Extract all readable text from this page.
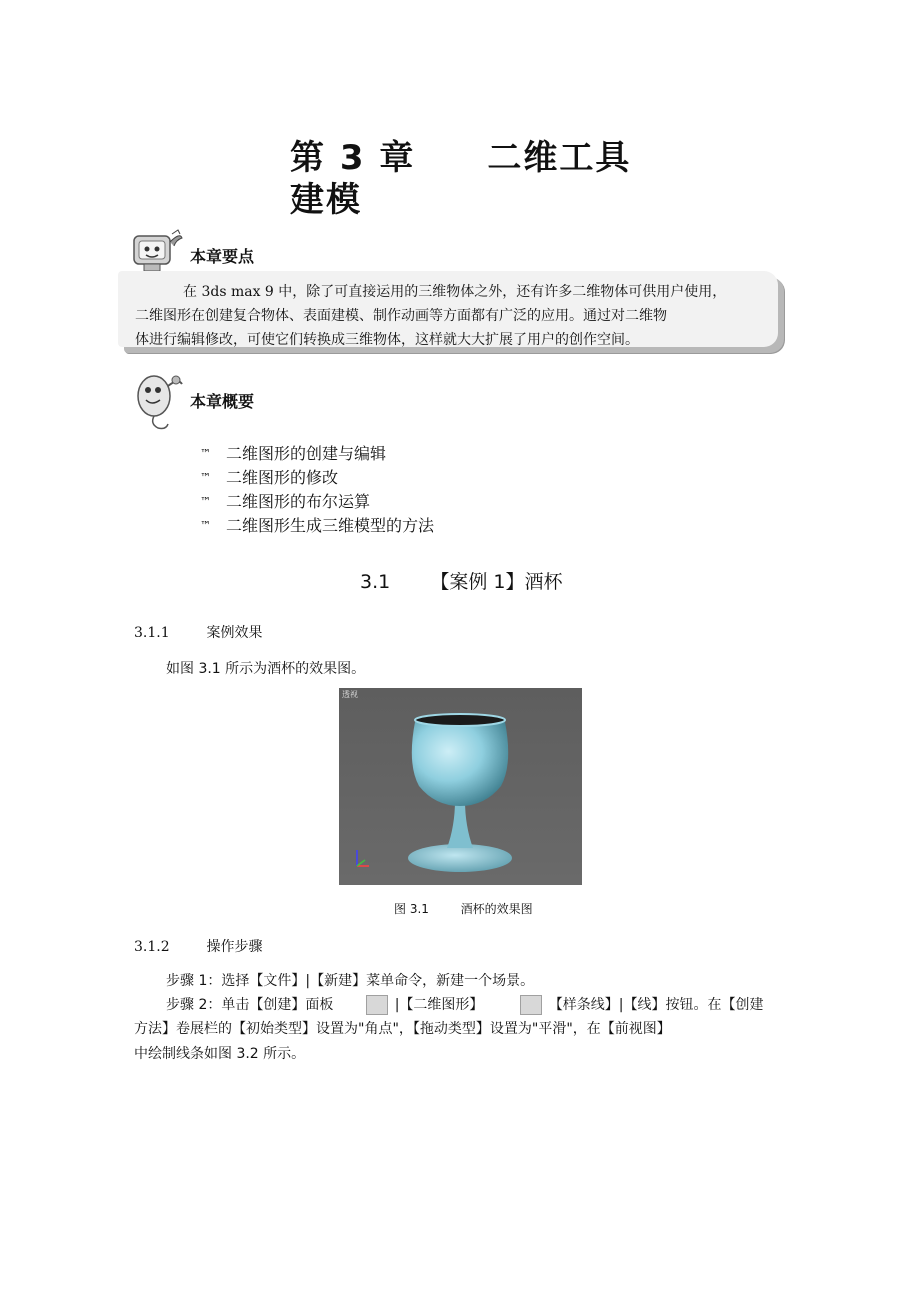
第 3 章　　二维工具
建模
本章要点
在 3ds max 9 中，除了可直接运用的三维物体之外，还有许多二维物体可供用户使用，
二维图形在创建复合物体、表面建模、制作动画等方面都有广泛的应用。通过对二维物
体进行编辑修改，可使它们转换成三维物体，这样就大大扩展了用户的创作空间。
本章概要
™ 二维图形的创建与编辑
™ 二维图形的修改
™ 二维图形的布尔运算
™ 二维图形生成三维模型的方法
3.1 【案例 1】酒杯
3.1.1	案例效果
如图 3.1 所示为酒杯的效果图。
透视
图 3.1	酒杯的效果图
3.1.2	操作步骤
步骤 1：选择【文件】|【新建】菜单命令，新建一个场景。
步骤 2：单击【创建】面板	|【二维图形】	【样条线】|【线】按钮。在【创建
方法】卷展栏的【初始类型】设置为"角点"，【拖动类型】设置为"平滑"，在【前视图】
中绘制线条如图 3.2 所示。
